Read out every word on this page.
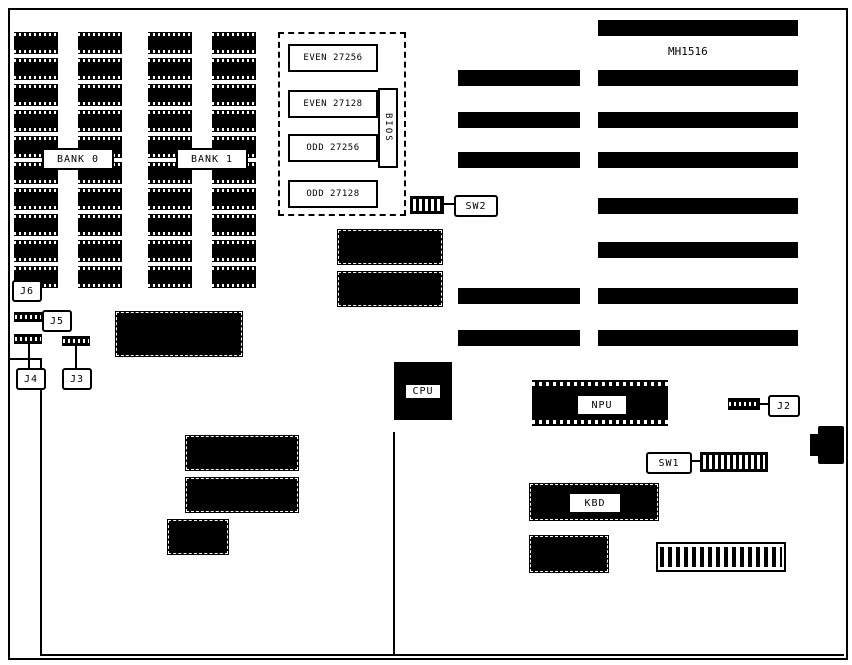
BANK 0	BANK 1
EVEN 27256
EVEN 27128
ODD 27256
ODD 27128
BIOS
SW2
CPU
NPU
KBD
SW1
J2
J6
J5
J4	J3
MH1516
